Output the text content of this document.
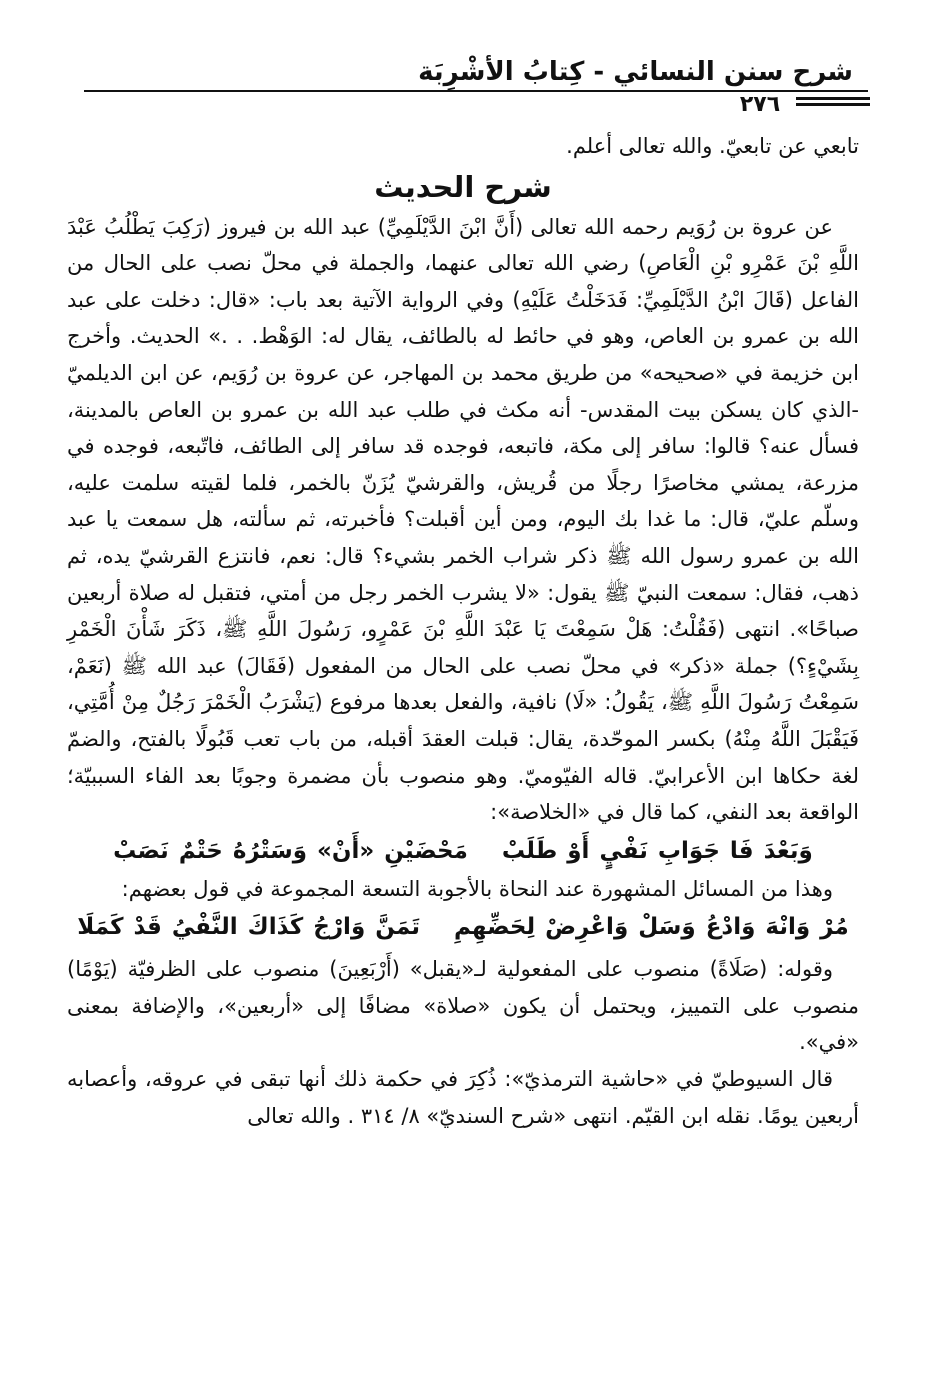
شرح سنن النسائي - كِتابُ الأشْرِبَة
٢٧٦

تابعي عن تابعيّ. والله تعالى أعلم.

شرح الحديث

عن عروة بن رُوَيم رحمه الله تعالى (أَنَّ ابْنَ الدَّيْلَمِيِّ) عبد الله بن فيروز (رَكِبَ يَطْلُبُ عَبْدَ اللَّهِ بْنَ عَمْرِو بْنِ الْعَاصِ) رضي الله تعالى عنهما، والجملة في محلّ نصب على الحال من الفاعل (قَالَ ابْنُ الدَّيْلَمِيِّ: فَدَخَلْتُ عَلَيْهِ) وفي الرواية الآتية بعد باب: «قال: دخلت على عبد الله بن عمرو بن العاص، وهو في حائط له بالطائف، يقال له: الوَهْط. . .» الحديث. وأخرج ابن خزيمة في «صحيحه» من طريق محمد بن المهاجر، عن عروة بن رُوَيم، عن ابن الديلميّ -الذي كان يسكن بيت المقدس- أنه مكث في طلب عبد الله بن عمرو بن العاص بالمدينة، فسأل عنه؟ قالوا: سافر إلى مكة، فاتبعه، فوجده قد سافر إلى الطائف، فاتّبعه، فوجده في مزرعة، يمشي مخاصرًا رجلًا من قُريش، والقرشيّ يُزَنّ بالخمر، فلما لقيته سلمت عليه، وسلّم عليّ، قال: ما غدا بك اليوم، ومن أين أقبلت؟ فأخبرته، ثم سألته، هل سمعت يا عبد الله بن عمرو رسول الله ﷺ ذكر شراب الخمر بشيء؟ قال: نعم، فانتزع القرشيّ يده، ثم ذهب، فقال: سمعت النبيّ ﷺ يقول: «لا يشرب الخمر رجل من أمتي، فتقبل له صلاة أربعين صباحًا». انتهى (فَقُلْتُ: هَلْ سَمِعْتَ يَا عَبْدَ اللَّهِ بْنَ عَمْرٍو، رَسُولَ اللَّهِ ﷺ، ذَكَرَ شَأْنَ الْخَمْرِ بِشَيْءٍ؟) جملة «ذكر» في محلّ نصب على الحال من المفعول (فَقَالَ) عبد الله ﷺ (نَعَمْ، سَمِعْتُ رَسُولَ اللَّهِ ﷺ، يَقُولُ: «لَا) نافية، والفعل بعدها مرفوع (يَشْرَبُ الْخَمْرَ رَجُلٌ مِنْ أُمَّتِي، فَيَقْبَلَ اللَّهُ مِنْهُ) بكسر الموحّدة، يقال: قبلت العقدَ أقبله، من باب تعب قَبُولًا بالفتح، والضمّ لغة حكاها ابن الأعرابيّ. قاله الفيّوميّ. وهو منصوب بأن مضمرة وجوبًا بعد الفاء السببيّة؛ الواقعة بعد النفي، كما قال في «الخلاصة»:

وَبَعْدَ فَا جَوَابِ نَفْيٍ أَوْ طَلَبْمَحْضَيْنِ «أَنْ» وَسَتْرُهُ حَتْمٌ نَصَبْ

وهذا من المسائل المشهورة عند النحاة بالأجوبة التسعة المجموعة في قول بعضهم:

مُرْ وَانْهَ وَادْعُ وَسَلْ وَاعْرِضْ لِحَضِّهِمِتَمَنَّ وَارْجُ كَذَاكَ النَّفْيُ قَدْ كَمَلَا

وقوله: (صَلَاةً) منصوب على المفعولية لـ«يقبل» (أَرْبَعِينَ) منصوب على الظرفيّة (يَوْمًا) منصوب على التمييز، ويحتمل أن يكون «صلاة» مضافًا إلى «أربعين»، والإضافة بمعنى «في».

قال السيوطيّ في «حاشية الترمذيّ»: ذُكِرَ في حكمة ذلك أنها تبقى في عروقه، وأعصابه أربعين يومًا. نقله ابن القيّم. انتهى «شرح السنديّ» ٨/ ٣١٤ . والله تعالى
